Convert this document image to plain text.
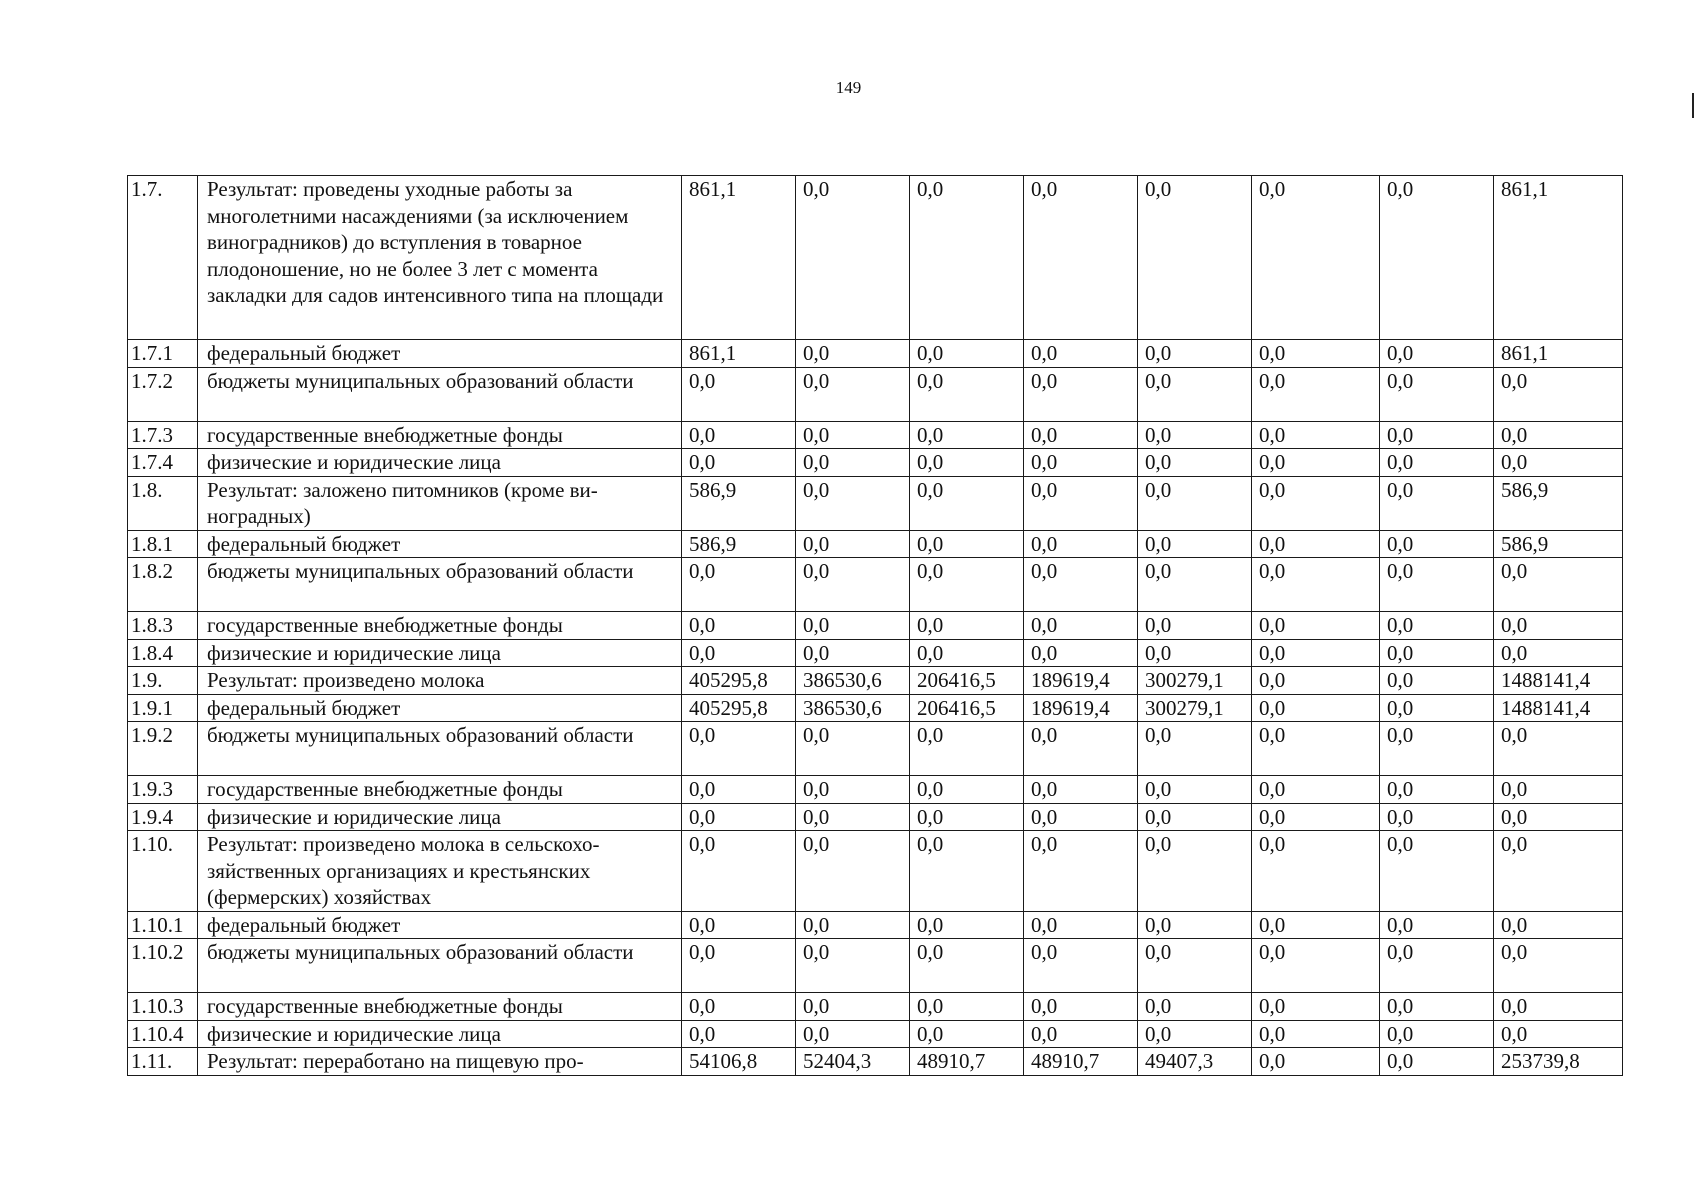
149
1.7.	Результат: проведены уходные работы за многолетними насаждениями (за исключением виноградников) до вступления в товарное плодоношение, но не более 3 лет с момента закладки для садов интенсивного типа на площади	861,1	0,0	0,0	0,0	0,0	0,0	0,0	861,1
1.7.1	федеральный бюджет	861,1	0,0	0,0	0,0	0,0	0,0	0,0	861,1
1.7.2	бюджеты муниципальных образований области	0,0	0,0	0,0	0,0	0,0	0,0	0,0	0,0
1.7.3	государственные внебюджетные фонды	0,0	0,0	0,0	0,0	0,0	0,0	0,0	0,0
1.7.4	физические и юридические лица	0,0	0,0	0,0	0,0	0,0	0,0	0,0	0,0
1.8.	Результат: заложено питомников (кроме виноградных)	586,9	0,0	0,0	0,0	0,0	0,0	0,0	586,9
1.8.1	федеральный бюджет	586,9	0,0	0,0	0,0	0,0	0,0	0,0	586,9
1.8.2	бюджеты муниципальных образований области	0,0	0,0	0,0	0,0	0,0	0,0	0,0	0,0
1.8.3	государственные внебюджетные фонды	0,0	0,0	0,0	0,0	0,0	0,0	0,0	0,0
1.8.4	физические и юридические лица	0,0	0,0	0,0	0,0	0,0	0,0	0,0	0,0
1.9.	Результат: произведено молока	405295,8	386530,6	206416,5	189619,4	300279,1	0,0	0,0	1488141,4
1.9.1	федеральный бюджет	405295,8	386530,6	206416,5	189619,4	300279,1	0,0	0,0	1488141,4
1.9.2	бюджеты муниципальных образований области	0,0	0,0	0,0	0,0	0,0	0,0	0,0	0,0
1.9.3	государственные внебюджетные фонды	0,0	0,0	0,0	0,0	0,0	0,0	0,0	0,0
1.9.4	физические и юридические лица	0,0	0,0	0,0	0,0	0,0	0,0	0,0	0,0
1.10.	Результат: произведено молока в сельскохозяйственных организациях и крестьянских (фермерских) хозяйствах	0,0	0,0	0,0	0,0	0,0	0,0	0,0	0,0
1.10.1	федеральный бюджет	0,0	0,0	0,0	0,0	0,0	0,0	0,0	0,0
1.10.2	бюджеты муниципальных образований области	0,0	0,0	0,0	0,0	0,0	0,0	0,0	0,0
1.10.3	государственные внебюджетные фонды	0,0	0,0	0,0	0,0	0,0	0,0	0,0	0,0
1.10.4	физические и юридические лица	0,0	0,0	0,0	0,0	0,0	0,0	0,0	0,0
1.11.	Результат: переработано на пищевую про-	54106,8	52404,3	48910,7	48910,7	49407,3	0,0	0,0	253739,8
